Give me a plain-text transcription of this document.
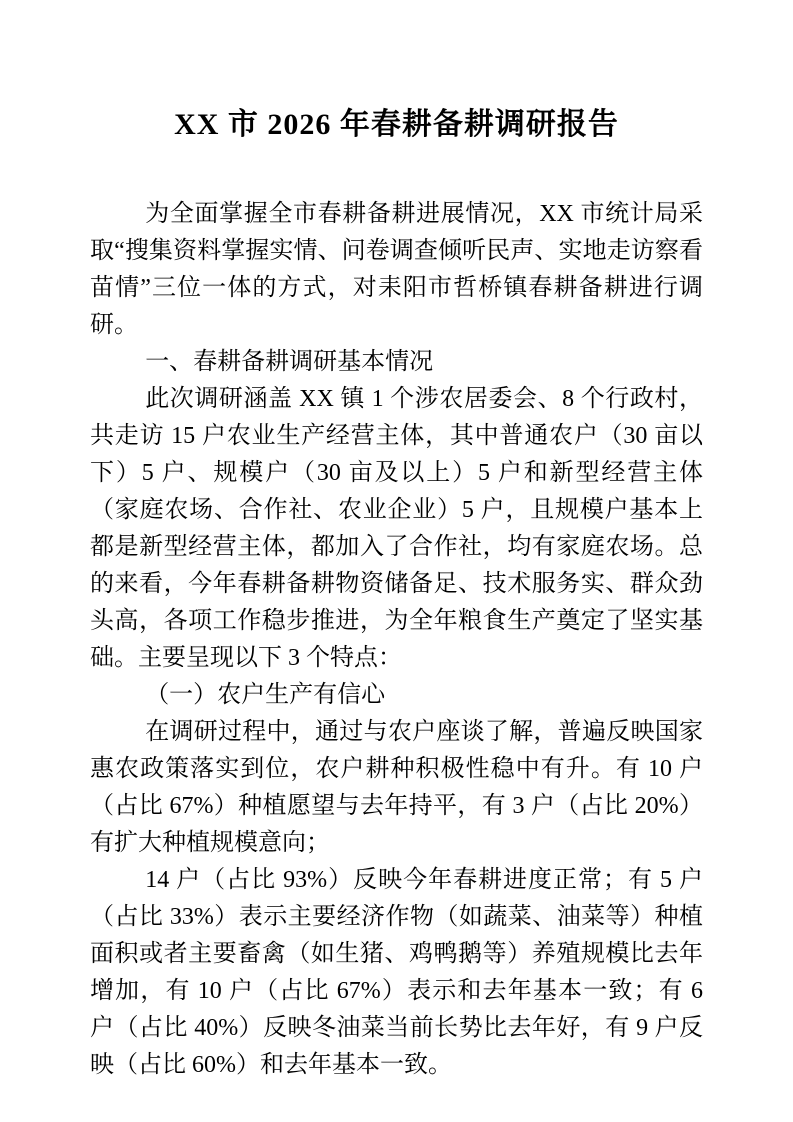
XX 市 2026 年春耕备耕调研报告

为全面掌握全市春耕备耕进展情况，XX 市统计局采取“搜集资料掌握实情、问卷调查倾听民声、实地走访察看苗情”三位一体的方式，对耒阳市哲桥镇春耕备耕进行调研。

一、春耕备耕调研基本情况

此次调研涵盖 XX 镇 1 个涉农居委会、8 个行政村，共走访 15 户农业生产经营主体，其中普通农户（30 亩以下）5 户、规模户（30 亩及以上）5 户和新型经营主体（家庭农场、合作社、农业企业）5 户，且规模户基本上都是新型经营主体，都加入了合作社，均有家庭农场。总的来看，今年春耕备耕物资储备足、技术服务实、群众劲头高，各项工作稳步推进，为全年粮食生产奠定了坚实基础。主要呈现以下 3 个特点：

（一）农户生产有信心

在调研过程中，通过与农户座谈了解，普遍反映国家惠农政策落实到位，农户耕种积极性稳中有升。有 10 户（占比 67%）种植愿望与去年持平，有 3 户（占比 20%）有扩大种植规模意向；

14 户（占比 93%）反映今年春耕进度正常；有 5 户（占比 33%）表示主要经济作物（如蔬菜、油菜等）种植面积或者主要畜禽（如生猪、鸡鸭鹅等）养殖规模比去年增加，有 10 户（占比 67%）表示和去年基本一致；有 6 户（占比 40%）反映冬油菜当前长势比去年好，有 9 户反映（占比 60%）和去年基本一致。
